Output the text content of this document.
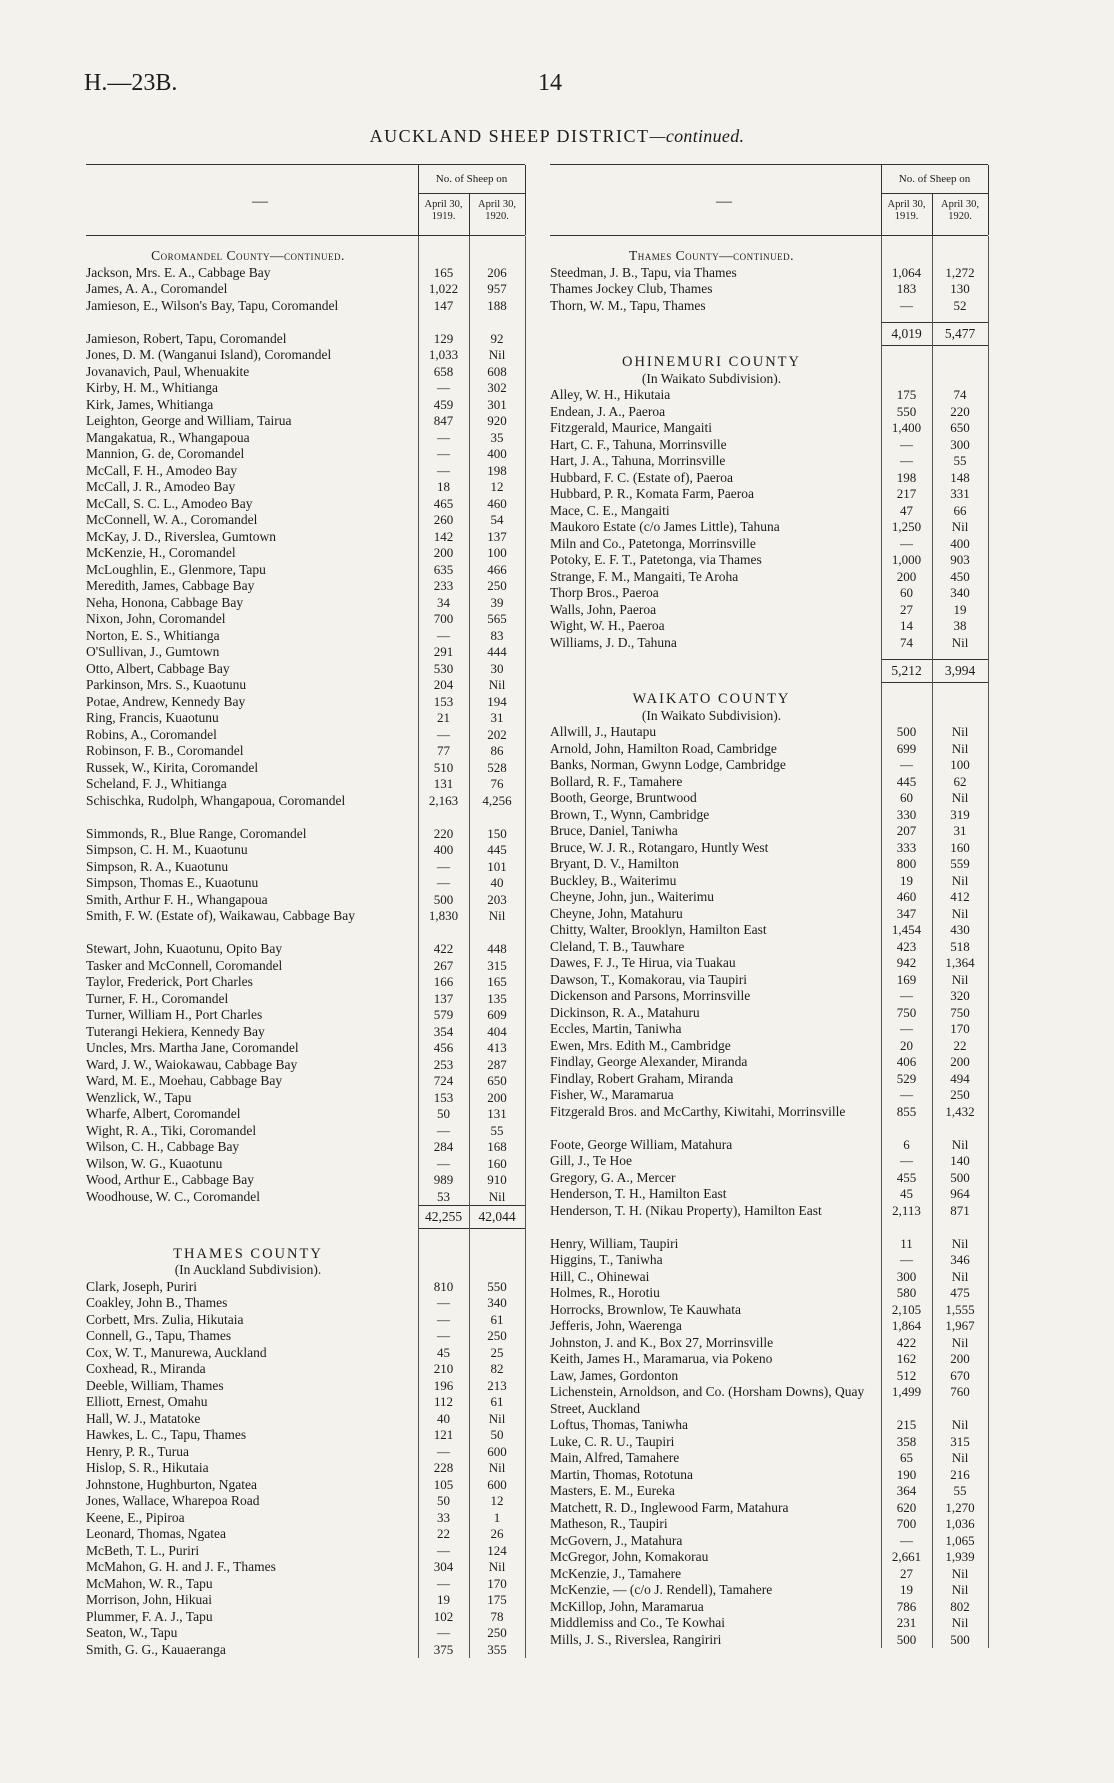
H.—23B.	14
AUCKLAND SHEEP DISTRICT—continued.
—
No. of Sheep on
April 30,
1919.
April 30,
1920.
Coromandel County—continued.
Jackson, Mrs. E. A., Cabbage Bay	165	206
James, A. A., Coromandel	1,022	957
Jamieson, E., Wilson's Bay, Tapu, Coromandel	147	188
Jamieson, Robert, Tapu, Coromandel	129	92
Jones, D. M. (Wanganui Island), Coromandel	1,033	Nil
Jovanavich, Paul, Whenuakite	658	608
Kirby, H. M., Whitianga	—	302
Kirk, James, Whitianga	459	301
Leighton, George and William, Tairua	847	920
Mangakatua, R., Whangapoua	—	35
Mannion, G. de, Coromandel	—	400
McCall, F. H., Amodeo Bay	—	198
McCall, J. R., Amodeo Bay	18	12
McCall, S. C. L., Amodeo Bay	465	460
McConnell, W. A., Coromandel	260	54
McKay, J. D., Riverslea, Gumtown	142	137
McKenzie, H., Coromandel	200	100
McLoughlin, E., Glenmore, Tapu	635	466
Meredith, James, Cabbage Bay	233	250
Neha, Honona, Cabbage Bay	34	39
Nixon, John, Coromandel	700	565
Norton, E. S., Whitianga	—	83
O'Sullivan, J., Gumtown	291	444
Otto, Albert, Cabbage Bay	530	30
Parkinson, Mrs. S., Kuaotunu	204	Nil
Potae, Andrew, Kennedy Bay	153	194
Ring, Francis, Kuaotunu	21	31
Robins, A., Coromandel	—	202
Robinson, F. B., Coromandel	77	86
Russek, W., Kirita, Coromandel	510	528
Scheland, F. J., Whitianga	131	76
Schischka, Rudolph, Whangapoua, Coromandel	2,163	4,256
Simmonds, R., Blue Range, Coromandel	220	150
Simpson, C. H. M., Kuaotunu	400	445
Simpson, R. A., Kuaotunu	—	101
Simpson, Thomas E., Kuaotunu	—	40
Smith, Arthur F. H., Whangapoua	500	203
Smith, F. W. (Estate of), Waikawau, Cabbage Bay	1,830	Nil
Stewart, John, Kuaotunu, Opito Bay	422	448
Tasker and McConnell, Coromandel	267	315
Taylor, Frederick, Port Charles	166	165
Turner, F. H., Coromandel	137	135
Turner, William H., Port Charles	579	609
Tuterangi Hekiera, Kennedy Bay	354	404
Uncles, Mrs. Martha Jane, Coromandel	456	413
Ward, J. W., Waiokawau, Cabbage Bay	253	287
Ward, M. E., Moehau, Cabbage Bay	724	650
Wenzlick, W., Tapu	153	200
Wharfe, Albert, Coromandel	50	131
Wight, R. A., Tiki, Coromandel	—	55
Wilson, C. H., Cabbage Bay	284	168
Wilson, W. G., Kuaotunu	—	160
Wood, Arthur E., Cabbage Bay	989	910
Woodhouse, W. C., Coromandel	53	Nil
42,255	42,044
THAMES COUNTY
(In Auckland Subdivision).
Clark, Joseph, Puriri	810	550
Coakley, John B., Thames	—	340
Corbett, Mrs. Zulia, Hikutaia	—	61
Connell, G., Tapu, Thames	—	250
Cox, W. T., Manurewa, Auckland	45	25
Coxhead, R., Miranda	210	82
Deeble, William, Thames	196	213
Elliott, Ernest, Omahu	112	61
Hall, W. J., Matatoke	40	Nil
Hawkes, L. C., Tapu, Thames	121	50
Henry, P. R., Turua	—	600
Hislop, S. R., Hikutaia	228	Nil
Johnstone, Hughburton, Ngatea	105	600
Jones, Wallace, Wharepoa Road	50	12
Keene, E., Pipiroa	33	1
Leonard, Thomas, Ngatea	22	26
McBeth, T. L., Puriri	—	124
McMahon, G. H. and J. F., Thames	304	Nil
McMahon, W. R., Tapu	—	170
Morrison, John, Hikuai	19	175
Plummer, F. A. J., Tapu	102	78
Seaton, W., Tapu	—	250
Smith, G. G., Kauaeranga	375	355
—
No. of Sheep on
April 30,
1919.
April 30,
1920.
Thames County—continued.
Steedman, J. B., Tapu, via Thames	1,064	1,272
Thames Jockey Club, Thames	183	130
Thorn, W. M., Tapu, Thames	—	52
4,019	5,477
OHINEMURI COUNTY
(In Waikato Subdivision).
Alley, W. H., Hikutaia	175	74
Endean, J. A., Paeroa	550	220
Fitzgerald, Maurice, Mangaiti	1,400	650
Hart, C. F., Tahuna, Morrinsville	—	300
Hart, J. A., Tahuna, Morrinsville	—	55
Hubbard, F. C. (Estate of), Paeroa	198	148
Hubbard, P. R., Komata Farm, Paeroa	217	331
Mace, C. E., Mangaiti	47	66
Maukoro Estate (c/o James Little), Tahuna	1,250	Nil
Miln and Co., Patetonga, Morrinsville	—	400
Potoky, E. F. T., Patetonga, via Thames	1,000	903
Strange, F. M., Mangaiti, Te Aroha	200	450
Thorp Bros., Paeroa	60	340
Walls, John, Paeroa	27	19
Wight, W. H., Paeroa	14	38
Williams, J. D., Tahuna	74	Nil
5,212	3,994
WAIKATO COUNTY
(In Waikato Subdivision).
Allwill, J., Hautapu	500	Nil
Arnold, John, Hamilton Road, Cambridge	699	Nil
Banks, Norman, Gwynn Lodge, Cambridge	—	100
Bollard, R. F., Tamahere	445	62
Booth, George, Bruntwood	60	Nil
Brown, T., Wynn, Cambridge	330	319
Bruce, Daniel, Taniwha	207	31
Bruce, W. J. R., Rotangaro, Huntly West	333	160
Bryant, D. V., Hamilton	800	559
Buckley, B., Waiterimu	19	Nil
Cheyne, John, jun., Waiterimu	460	412
Cheyne, John, Matahuru	347	Nil
Chitty, Walter, Brooklyn, Hamilton East	1,454	430
Cleland, T. B., Tauwhare	423	518
Dawes, F. J., Te Hirua, via Tuakau	942	1,364
Dawson, T., Komakorau, via Taupiri	169	Nil
Dickenson and Parsons, Morrinsville	—	320
Dickinson, R. A., Matahuru	750	750
Eccles, Martin, Taniwha	—	170
Ewen, Mrs. Edith M., Cambridge	20	22
Findlay, George Alexander, Miranda	406	200
Findlay, Robert Graham, Miranda	529	494
Fisher, W., Maramarua	—	250
Fitzgerald Bros. and McCarthy, Kiwitahi, Morrinsville	855	1,432
Foote, George William, Matahura	6	Nil
Gill, J., Te Hoe	—	140
Gregory, G. A., Mercer	455	500
Henderson, T. H., Hamilton East	45	964
Henderson, T. H. (Nikau Property), Hamilton East	2,113	871
Henry, William, Taupiri	11	Nil
Higgins, T., Taniwha	—	346
Hill, C., Ohinewai	300	Nil
Holmes, R., Horotiu	580	475
Horrocks, Brownlow, Te Kauwhata	2,105	1,555
Jefferis, John, Waerenga	1,864	1,967
Johnston, J. and K., Box 27, Morrinsville	422	Nil
Keith, James H., Maramarua, via Pokeno	162	200
Law, James, Gordonton	512	670
Lichenstein, Arnoldson, and Co. (Horsham Downs), Quay Street, Auckland
1,499	760
Loftus, Thomas, Taniwha	215	Nil
Luke, C. R. U., Taupiri	358	315
Main, Alfred, Tamahere	65	Nil
Martin, Thomas, Rototuna	190	216
Masters, E. M., Eureka	364	55
Matchett, R. D., Inglewood Farm, Matahura	620	1,270
Matheson, R., Taupiri	700	1,036
McGovern, J., Matahura	—	1,065
McGregor, John, Komakorau	2,661	1,939
McKenzie, J., Tamahere	27	Nil
McKenzie, — (c/o J. Rendell), Tamahere	19	Nil
McKillop, John, Maramarua	786	802
Middlemiss and Co., Te Kowhai	231	Nil
Mills, J. S., Riverslea, Rangiriri	500	500
